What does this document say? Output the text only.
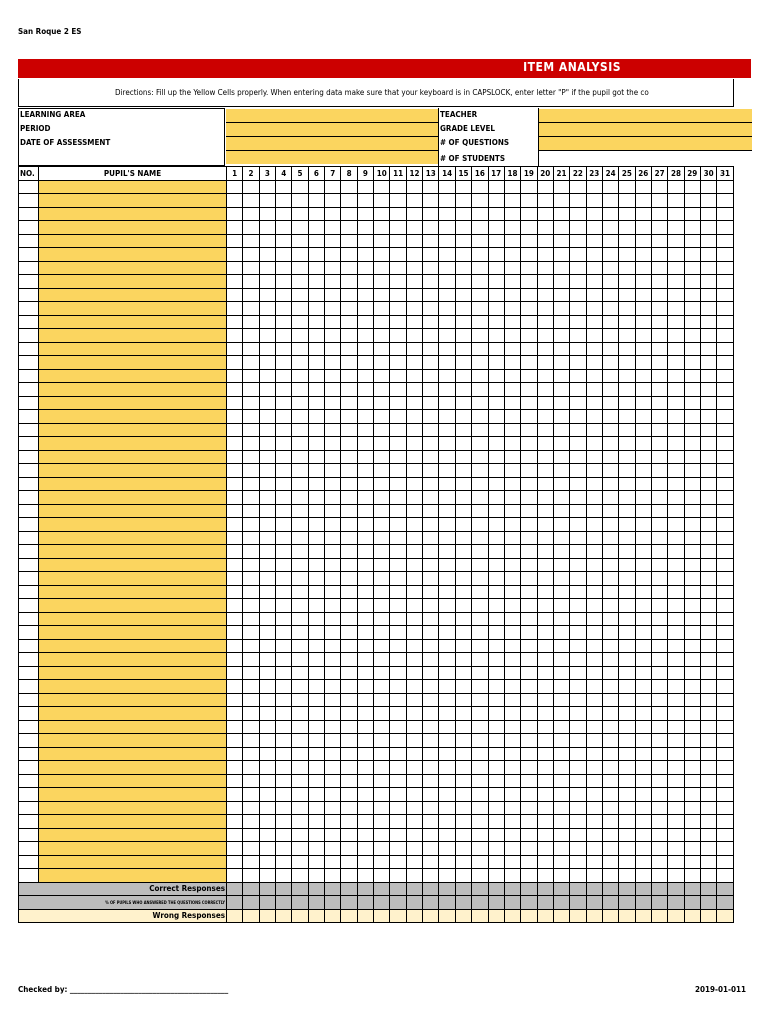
San Roque 2 ES
ITEM ANALYSIS
Directions: Fill up the Yellow Cells properly. When entering data make sure that your keyboard is in CAPSLOCK, enter letter "P" if the pupil got the co
LEARNING AREA
PERIOD
DATE OF ASSESSMENT
TEACHER
GRADE LEVEL
# OF QUESTIONS
# OF STUDENTS
NO.	PUPIL'S NAME	1	2	3	4	5	6	7	8	9	10	11	12	13	14	15	16	17	18	19	20	21	22	23	24	25	26	27	28	29	30	31

Correct Responses																																
% OF PUPILS WHO ANSWERED THE QUESTIONS CORRECTLY																																
Wrong Responses																																
Checked by: ____________________________________________	2019-01-011
